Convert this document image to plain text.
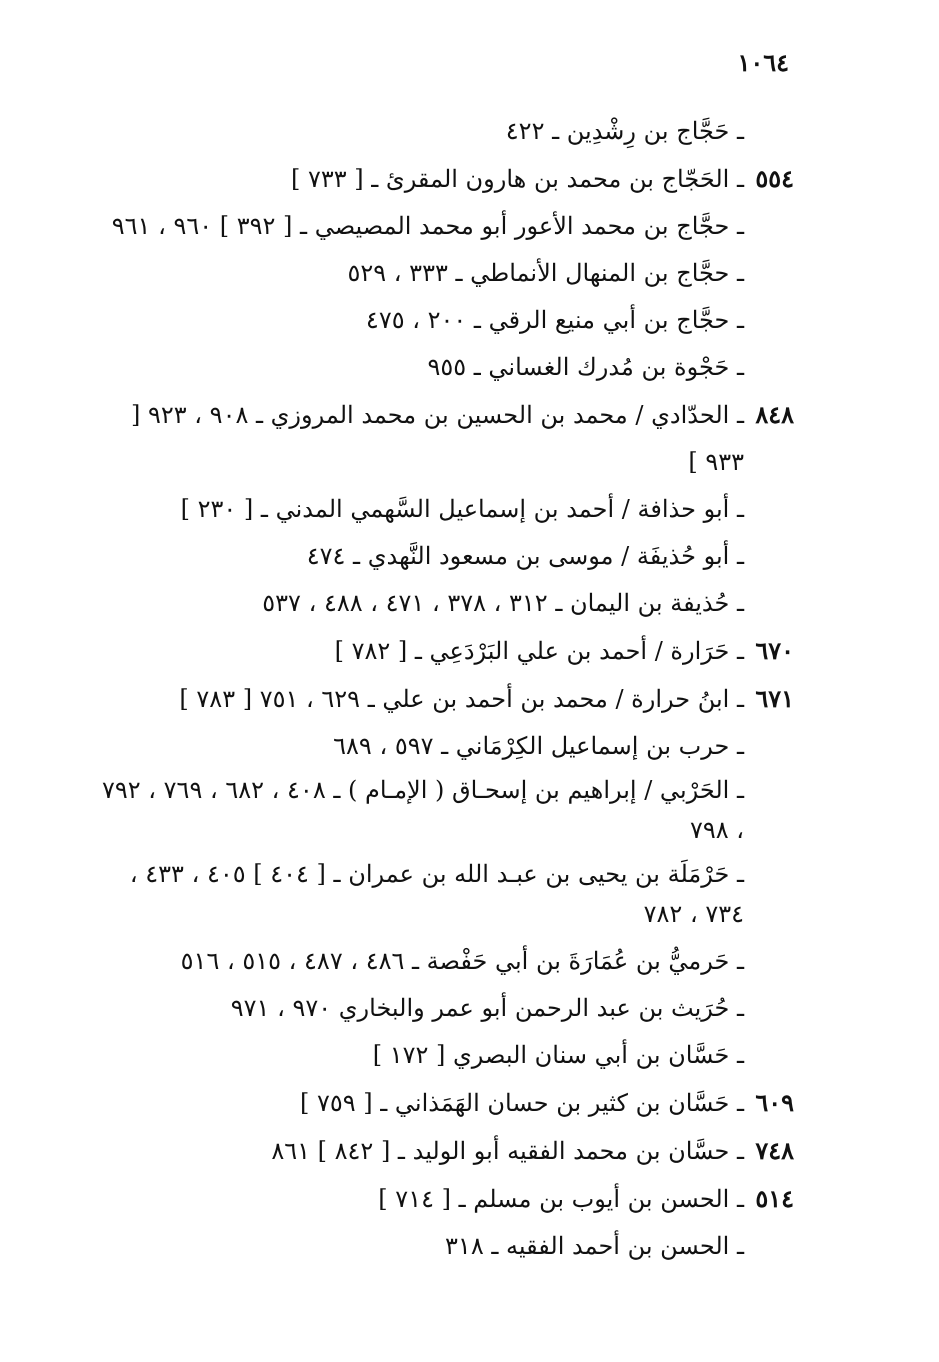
١٠٦٤
ـ حَجَّاج بن رِشْدِين ـ ٤٢٢
٥٥٤
ـ الحَجّاج بن محمد بن هارون المقرئ ـ [ ٧٣٣ ]
ـ حجَّاج بن محمد الأعور أبو محمد المصيصي ـ [ ٣٩٢ ] ٩٦٠ ، ٩٦١
ـ حجَّاج بن المنهال الأنماطي ـ ٣٣٣ ، ٥٢٩
ـ حجَّاج بن أبي منيع الرقي ـ ٢٠٠ ، ٤٧٥
ـ حَجْوة بن مُدرك الغساني ـ ٩٥٥
٨٤٨
ـ الحدّادي / محمد بن الحسين بن محمد المروزي ـ ٩٠٨ ، ٩٢٣ [ ٩٣٣ ]
ـ أبو حذافة / أحمد بن إسماعيل السَّهمي المدني ـ [ ٢٣٠ ]
ـ أبو حُذيفَة / موسى بن مسعود النَّهدي ـ ٤٧٤
ـ حُذيفة بن اليمان ـ ٣١٢ ، ٣٧٨ ، ٤٧١ ، ٤٨٨ ، ٥٣٧
٦٧٠
ـ حَرَارة / أحمد بن علي البَرْدَعِي ـ [ ٧٨٢ ]
٦٧١
ـ ابنُ حرارة / محمد بن أحمد بن علي ـ ٦٢٩ ، ٧٥١ [ ٧٨٣ ]
ـ حرب بن إسماعيل الكِرْمَاني ـ ٥٩٧ ، ٦٨٩
ـ الحَرْبي / إبراهيم بن إسحـاق ( الإمـام ) ـ ٤٠٨ ، ٦٨٢ ، ٧٦٩ ، ٧٩٢ ، ٧٩٨
ـ حَرْمَلَة بن يحيى بن عبـد الله بن عمران ـ [ ٤٠٤ ] ٤٠٥ ، ٤٣٣ ، ٧٣٤ ، ٧٨٢
ـ حَرميُّ بن عُمَارَةَ بن أبي حَفْصة ـ ٤٨٦ ، ٤٨٧ ، ٥١٥ ، ٥١٦
ـ حُرَيث بن عبد الرحمن أبو عمر والبخاري ٩٧٠ ، ٩٧١
ـ حَسَّان بن أبي سنان البصري [ ١٧٢ ]
٦٠٩
ـ حَسَّان بن كثير بن حسان الهَمَذاني ـ [ ٧٥٩ ]
٧٤٨
ـ حسَّان بن محمد الفقيه أبو الوليد ـ [ ٨٤٢ ] ٨٦١
٥١٤
ـ الحسن بن أيوب بن مسلم ـ [ ٧١٤ ]
ـ الحسن بن أحمد الفقيه ـ ٣١٨
